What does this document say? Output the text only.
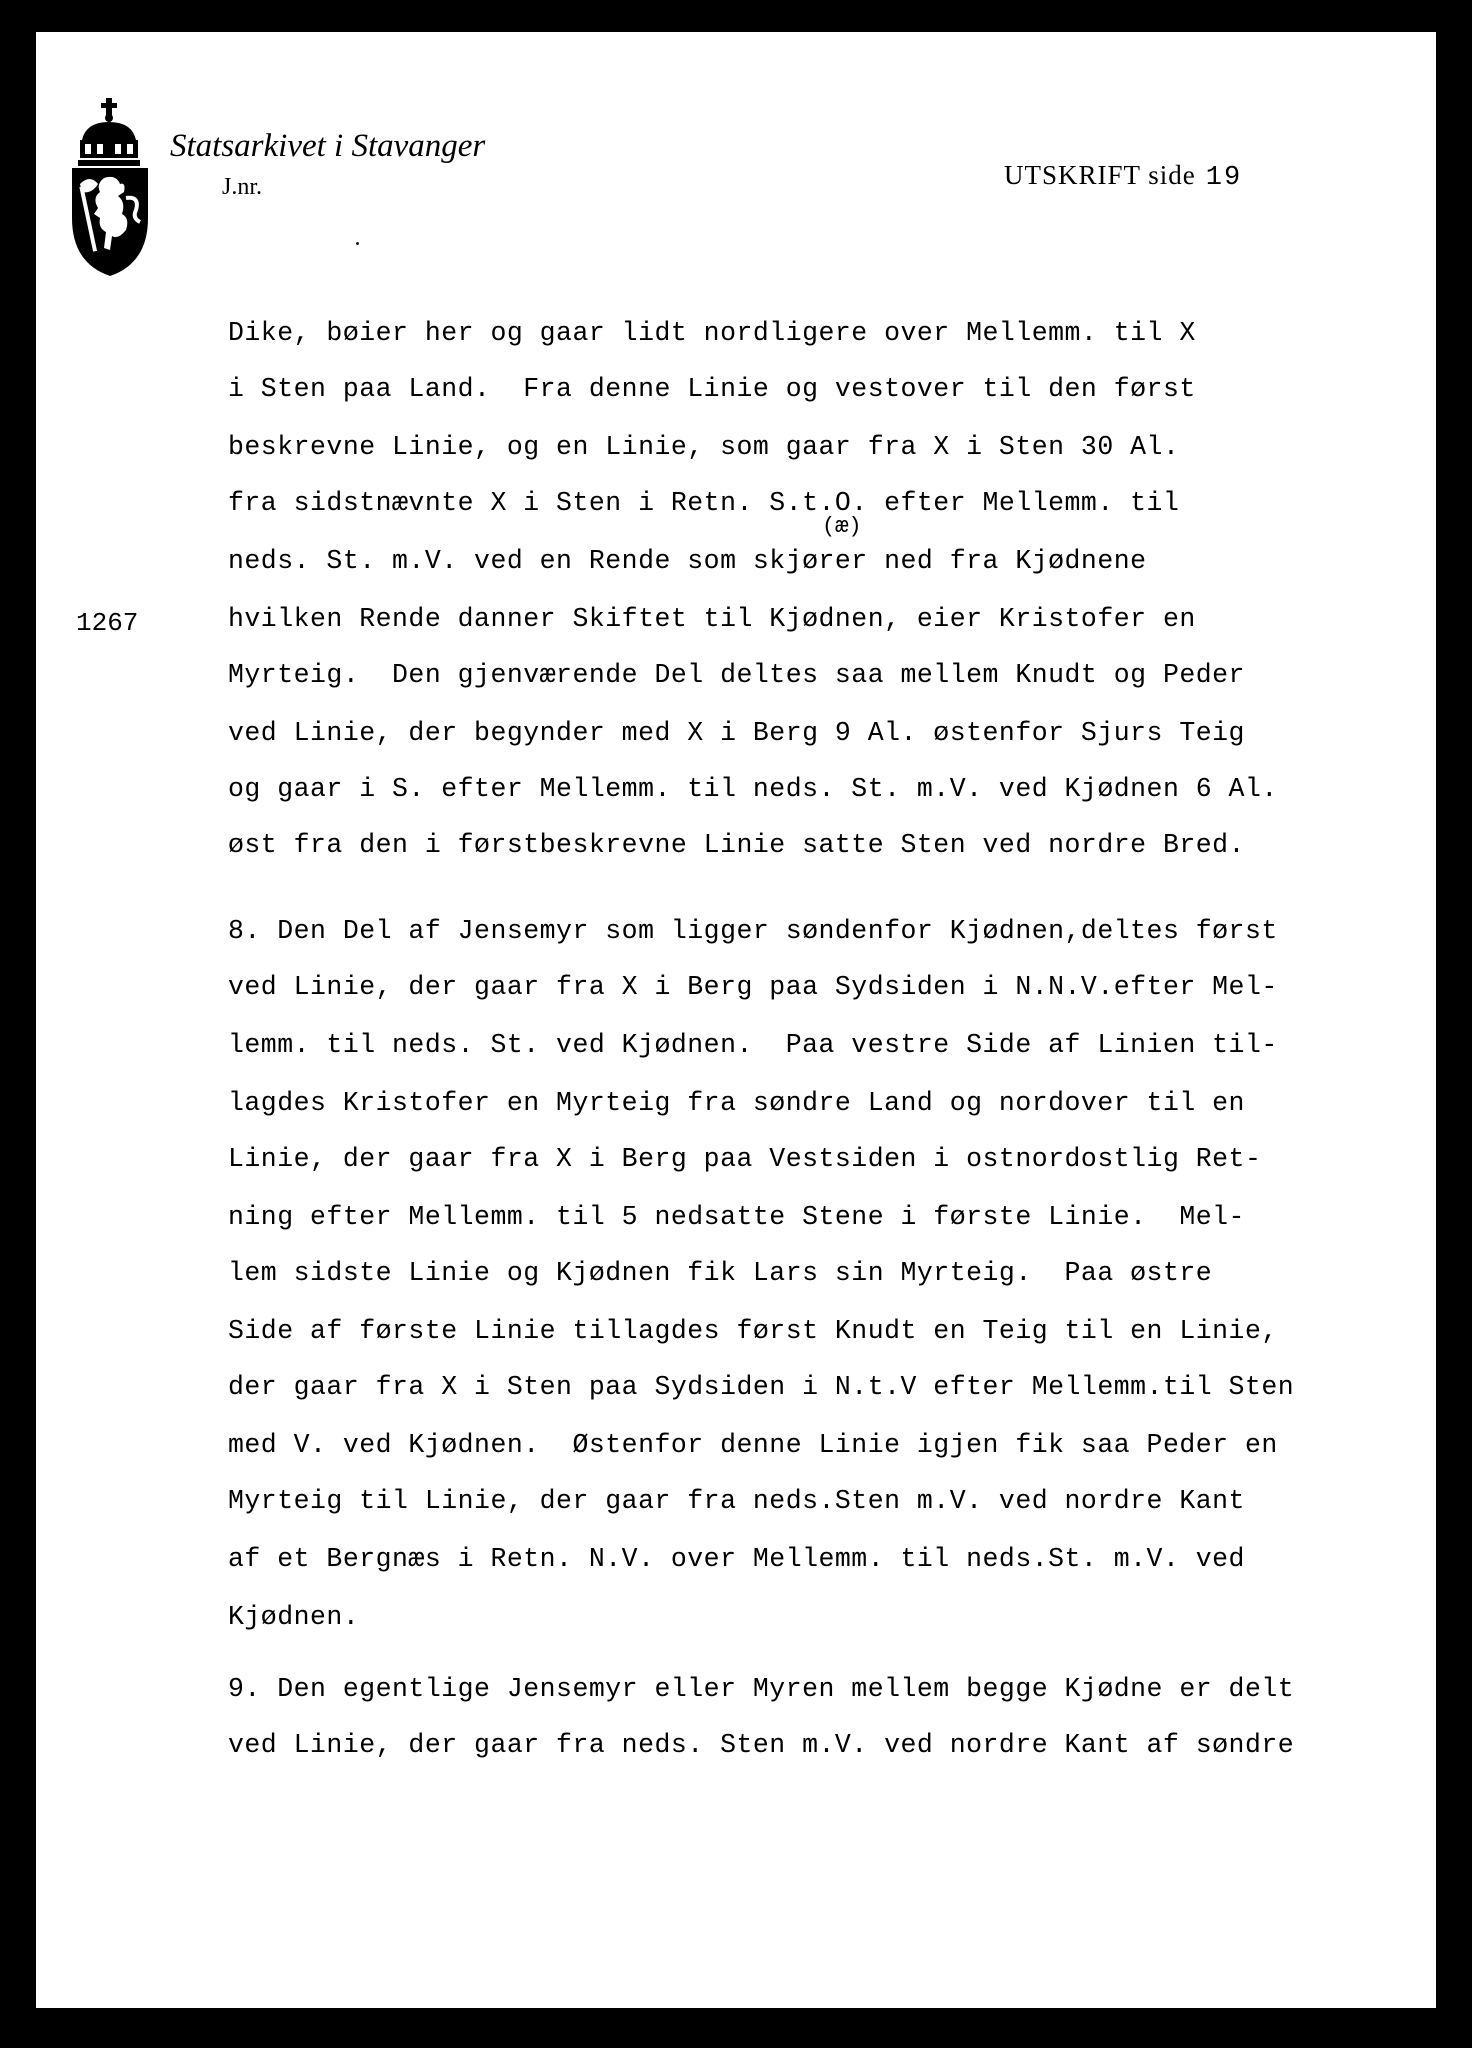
Statsarkivet i Stavanger
J.nr.	UTSKRIFT side 19
1267
(æ)
Dike, bøier her og gaar lidt nordligere over Mellemm. til X
i Sten paa Land.  Fra denne Linie og vestover til den først
beskrevne Linie, og en Linie, som gaar fra X i Sten 30 Al.
fra sidstnævnte X i Sten i Retn. S.t.O. efter Mellemm. til
neds. St. m.V. ved en Rende som skjører ned fra Kjødnene
hvilken Rende danner Skiftet til Kjødnen, eier Kristofer en
Myrteig.  Den gjenværende Del deltes saa mellem Knudt og Peder
ved Linie, der begynder med X i Berg 9 Al. østenfor Sjurs Teig
og gaar i S. efter Mellemm. til neds. St. m.V. ved Kjødnen 6 Al.
øst fra den i førstbeskrevne Linie satte Sten ved nordre Bred.
8. Den Del af Jensemyr som ligger søndenfor Kjødnen,deltes først
ved Linie, der gaar fra X i Berg paa Sydsiden i N.N.V.efter Mel-
lemm. til neds. St. ved Kjødnen.  Paa vestre Side af Linien til-
lagdes Kristofer en Myrteig fra søndre Land og nordover til en
Linie, der gaar fra X i Berg paa Vestsiden i ostnordostlig Ret-
ning efter Mellemm. til 5 nedsatte Stene i første Linie.  Mel-
lem sidste Linie og Kjødnen fik Lars sin Myrteig.  Paa østre
Side af første Linie tillagdes først Knudt en Teig til en Linie,
der gaar fra X i Sten paa Sydsiden i N.t.V efter Mellemm.til Sten
med V. ved Kjødnen.  Østenfor denne Linie igjen fik saa Peder en
Myrteig til Linie, der gaar fra neds.Sten m.V. ved nordre Kant
af et Bergnæs i Retn. N.V. over Mellemm. til neds.St. m.V. ved
Kjødnen.
9. Den egentlige Jensemyr eller Myren mellem begge Kjødne er delt
ved Linie, der gaar fra neds. Sten m.V. ved nordre Kant af søndre
